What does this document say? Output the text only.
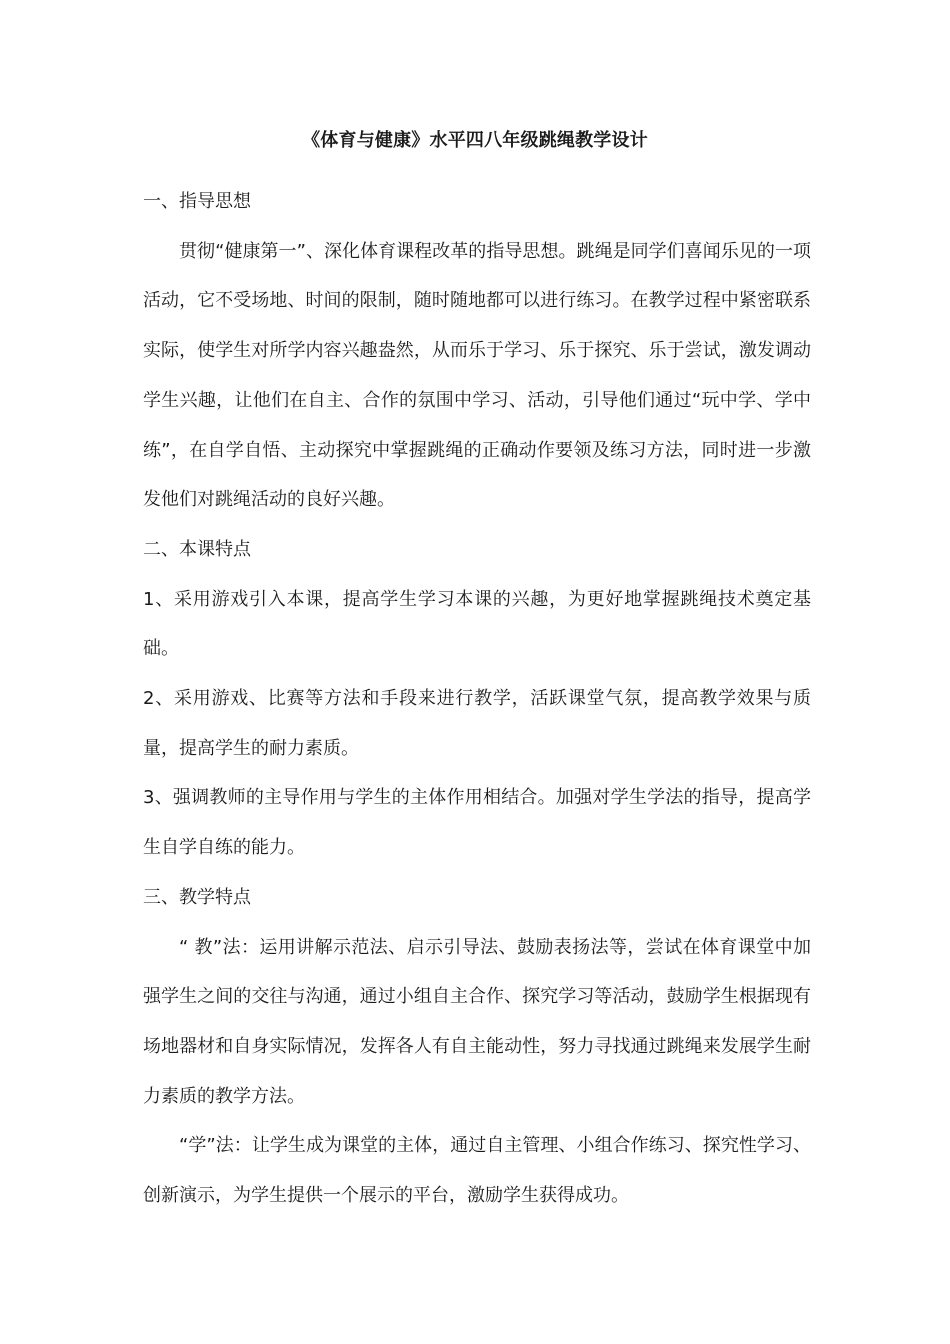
《体育与健康》水平四八年级跳绳教学设计

一、指导思想

贯彻“健康第一”、深化体育课程改革的指导思想。跳绳是同学们喜闻乐见的一项活动，它不受场地、时间的限制，随时随地都可以进行练习。在教学过程中紧密联系实际，使学生对所学内容兴趣盎然，从而乐于学习、乐于探究、乐于尝试，激发调动学生兴趣，让他们在自主、合作的氛围中学习、活动，引导他们通过“玩中学、学中练”，在自学自悟、主动探究中掌握跳绳的正确动作要领及练习方法，同时进一步激发他们对跳绳活动的良好兴趣。

二、本课特点

1、采用游戏引入本课，提高学生学习本课的兴趣，为更好地掌握跳绳技术奠定基础。

2、采用游戏、比赛等方法和手段来进行教学，活跃课堂气氛，提高教学效果与质量，提高学生的耐力素质。

3、强调教师的主导作用与学生的主体作用相结合。加强对学生学法的指导，提高学生自学自练的能力。

三、教学特点

“ 教”法：运用讲解示范法、启示引导法、鼓励表扬法等，尝试在体育课堂中加强学生之间的交往与沟通，通过小组自主合作、探究学习等活动，鼓励学生根据现有场地器材和自身实际情况，发挥各人有自主能动性，努力寻找通过跳绳来发展学生耐力素质的教学方法。

“学”法：让学生成为课堂的主体，通过自主管理、小组合作练习、探究性学习、创新演示，为学生提供一个展示的平台，激励学生获得成功。
